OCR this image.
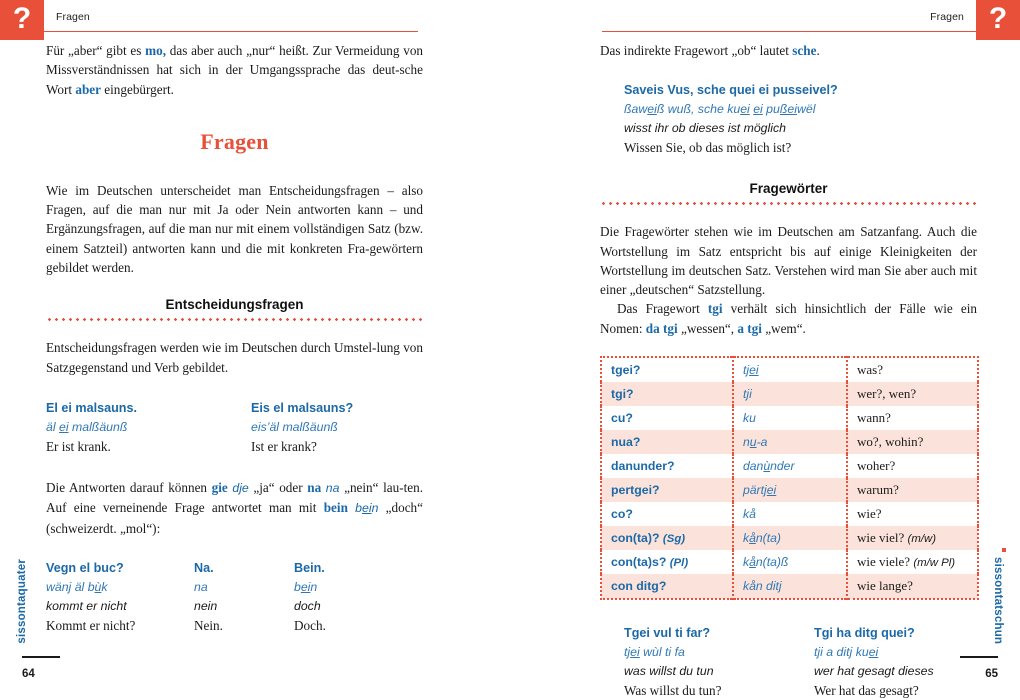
? Fragen

Für „aber“ gibt es mo, das aber auch „nur“ heißt. Zur Vermeidung von Missverständnissen hat sich in der Umgangssprache das deut-sche Wort aber eingebürgert.

Fragen

Wie im Deutschen unterscheidet man Entscheidungsfragen – also Fragen, auf die man nur mit Ja oder Nein antworten kann – und Ergänzungsfragen, auf die man nur mit einem vollständigen Satz (bzw. einem Satzteil) antworten kann und die mit konkreten Fra-gewörtern gebildet werden.

Entscheidungsfragen

Entscheidungsfragen werden wie im Deutschen durch Umstel-lung von Satzgegenstand und Verb gebildet.

El ei malsauns.
äl ei malßäunß
Er ist krank.
Eis el malsauns?
eis’äl malßäunß
Ist er krank?

Die Antworten darauf können gie dje „ja“ oder na na „nein“ lau-ten. Auf eine verneinende Frage antwortet man mit bein bein „doch“ (schweizerdt. „mol“):

Vegn el buc?
wänj äl bùk
kommt er nicht
Kommt er nicht?
Na.
na
nein
Nein.
Bein.
bein
doch
Doch.
sissontaquater
64
?
Fragen

Das indirekte Fragewort „ob“ lautet sche.

Saveis Vus, sche quei ei pusseivel?
ßaweiß wuß, sche kuei ei pußeiwël
wisst ihr ob dieses ist möglich
Wissen Sie, ob das möglich ist?
Fragewörter

Die Fragewörter stehen wie im Deutschen am Satzanfang. Auch die Wortstellung im Satz entspricht bis auf einige Kleinigkeiten der Wortstellung im deutschen Satz. Verstehen wird man Sie aber auch mit einer „deutschen“ Satzstellung.

Das Fragewort tgi verhält sich hinsichtlich der Fälle wie ein Nomen: da tgi „wessen“, a tgi „wem“.

tgei?	tjei	was?
tgi?	tji	wer?, wen?
cu?	ku	wann?
nua?	nu-a	wo?, wohin?
danunder?	danùnder	woher?
pertgei?	pärtjei	warum?
co?	kå	wie?
con(ta)? (Sg)	kån(ta)	wie viel? (m/w)
con(ta)s? (Pl)	kån(ta)ß	wie viele? (m/w Pl)
con ditg?	kån ditj	wie lange?
Tgei vul ti far?
tjei wùl ti fa
was willst du tun
Was willst du tun?
Tgi ha ditg quei?
tji a ditj kuei
wer hat gesagt dieses
Wer hat das gesagt?
sissontatschun
65
